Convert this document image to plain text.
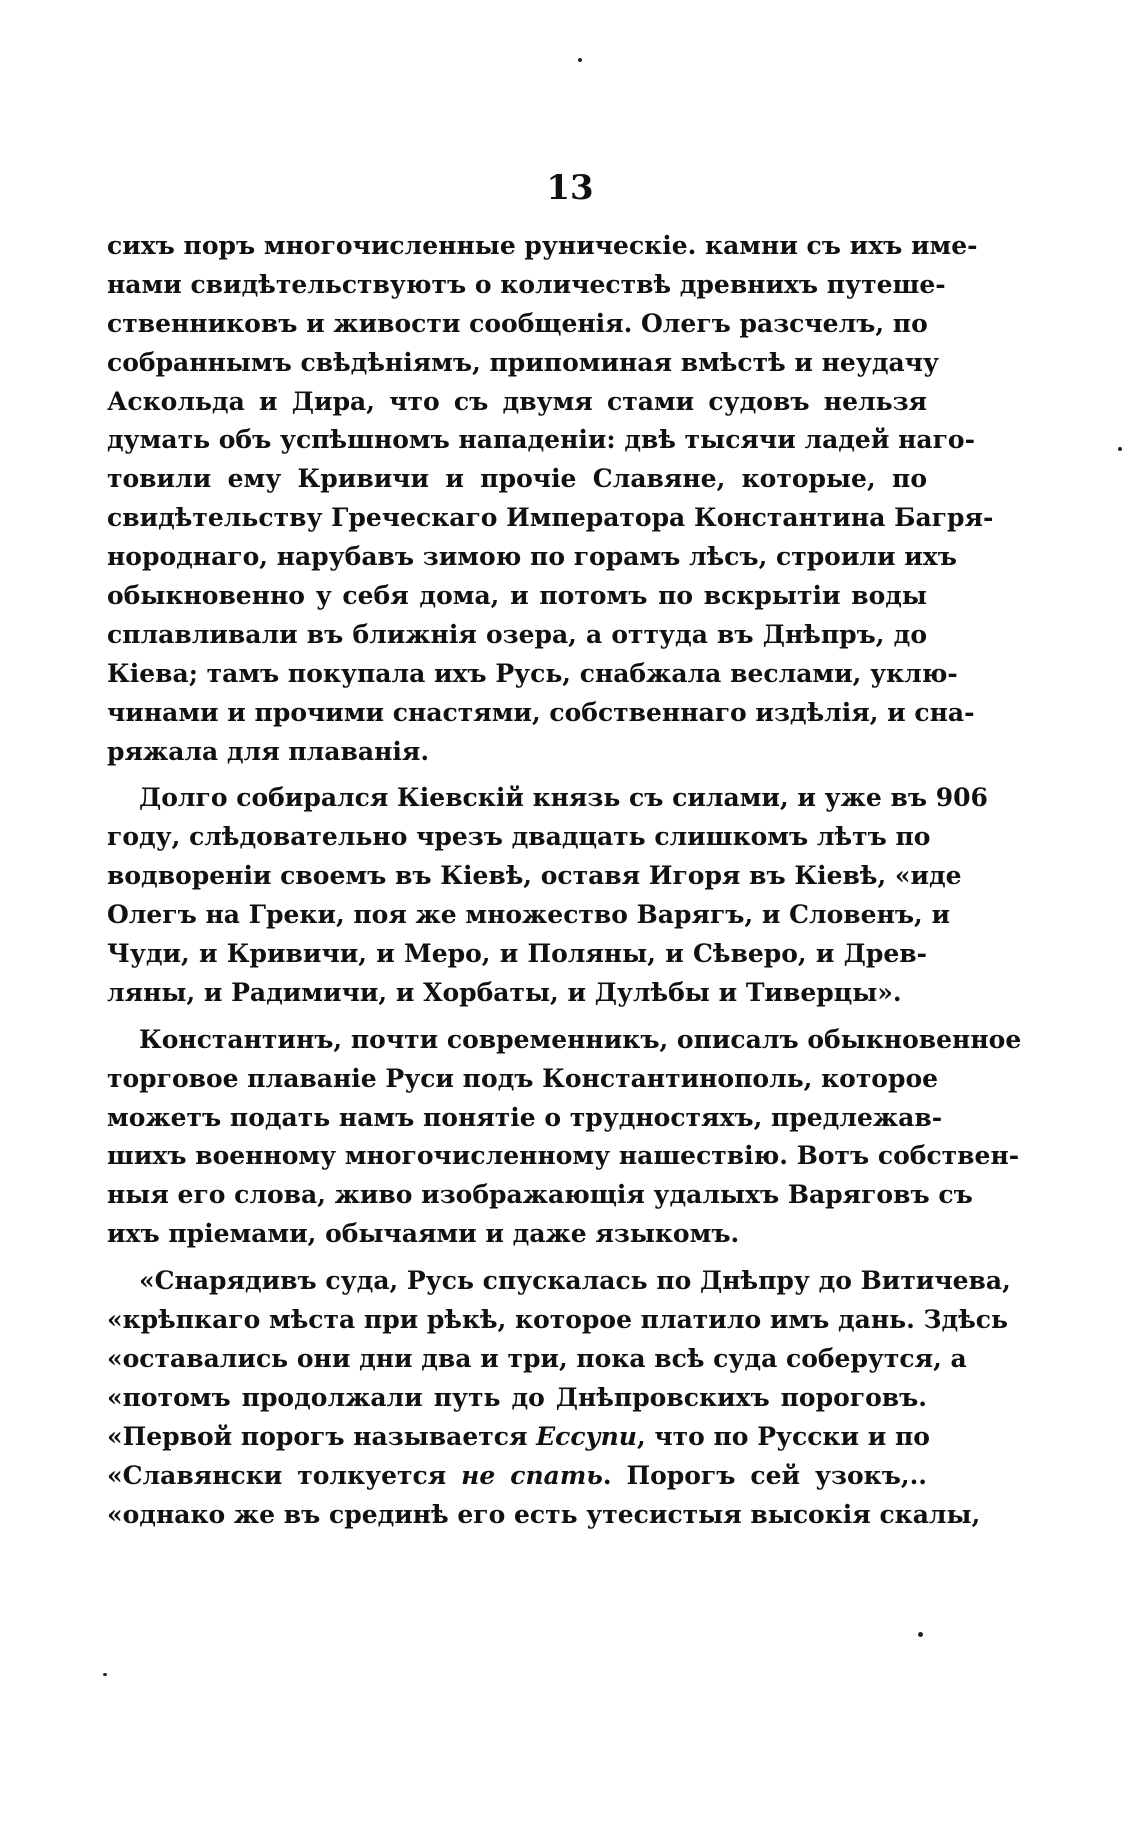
13
сихъ поръ многочисленные руническіе. камни съ ихъ име-
нами свидѣтельствуютъ о количествѣ древнихъ путеше-
ственниковъ и живости сообщенія. Олегъ разсчелъ, по
собраннымъ свѣдѣніямъ, припоминая вмѣстѣ и неудачу
Аскольда и Дира, что съ двумя стами судовъ нельзя
думать объ успѣшномъ нападеніи: двѣ тысячи ладей наго-
товили ему Кривичи и прочіе Славяне, которые, по
свидѣтельству Греческаго Императора Константина Багря-
нороднаго, нарубавъ зимою по горамъ лѣсъ, строили ихъ
обыкновенно у себя дома, и потомъ по вскрытіи воды
сплавливали въ ближнія озера, а оттуда въ Днѣпръ, до
Кіева; тамъ покупала ихъ Русь, снабжала веслами, уклю-
чинами и прочими снастями, собственнаго издѣлія, и сна-
ряжала для плаванія.
Долго собирался Кіевскій князь съ силами, и уже въ 906
году, слѣдовательно чрезъ двадцать слишкомъ лѣтъ по
водвореніи своемъ въ Кіевѣ, оставя Игоря въ Кіевѣ, «иде
Олегъ на Греки, поя же множество Варягъ, и Словенъ, и
Чуди, и Кривичи, и Меро, и Поляны, и Сѣверо, и Древ-
ляны, и Радимичи, и Хорбаты, и Дулѣбы и Тиверцы».
Константинъ, почти современникъ, описалъ обыкновенное
торговое плаваніе Руси подъ Константинополь, которое
можетъ подать намъ понятіе о трудностяхъ, предлежав-
шихъ военному многочисленному нашествію. Вотъ собствен-
ныя его слова, живо изображающія удалыхъ Варяговъ съ
ихъ пріемами, обычаями и даже языкомъ.
«Снарядивъ суда, Русь спускалась по Днѣпру до Витичева,
«крѣпкаго мѣста при рѣкѣ, которое платило имъ дань. Здѣсь
«оставались они дни два и три, пока всѣ суда соберутся, а
«потомъ продолжали путь до Днѣпровскихъ пороговъ.
«Первой порогъ называется Ессупи, что по Русски и по
«Славянски толкуется не спать. Порогъ сей узокъ,..
«однако же въ срединѣ его есть утесистыя высокія скалы,
